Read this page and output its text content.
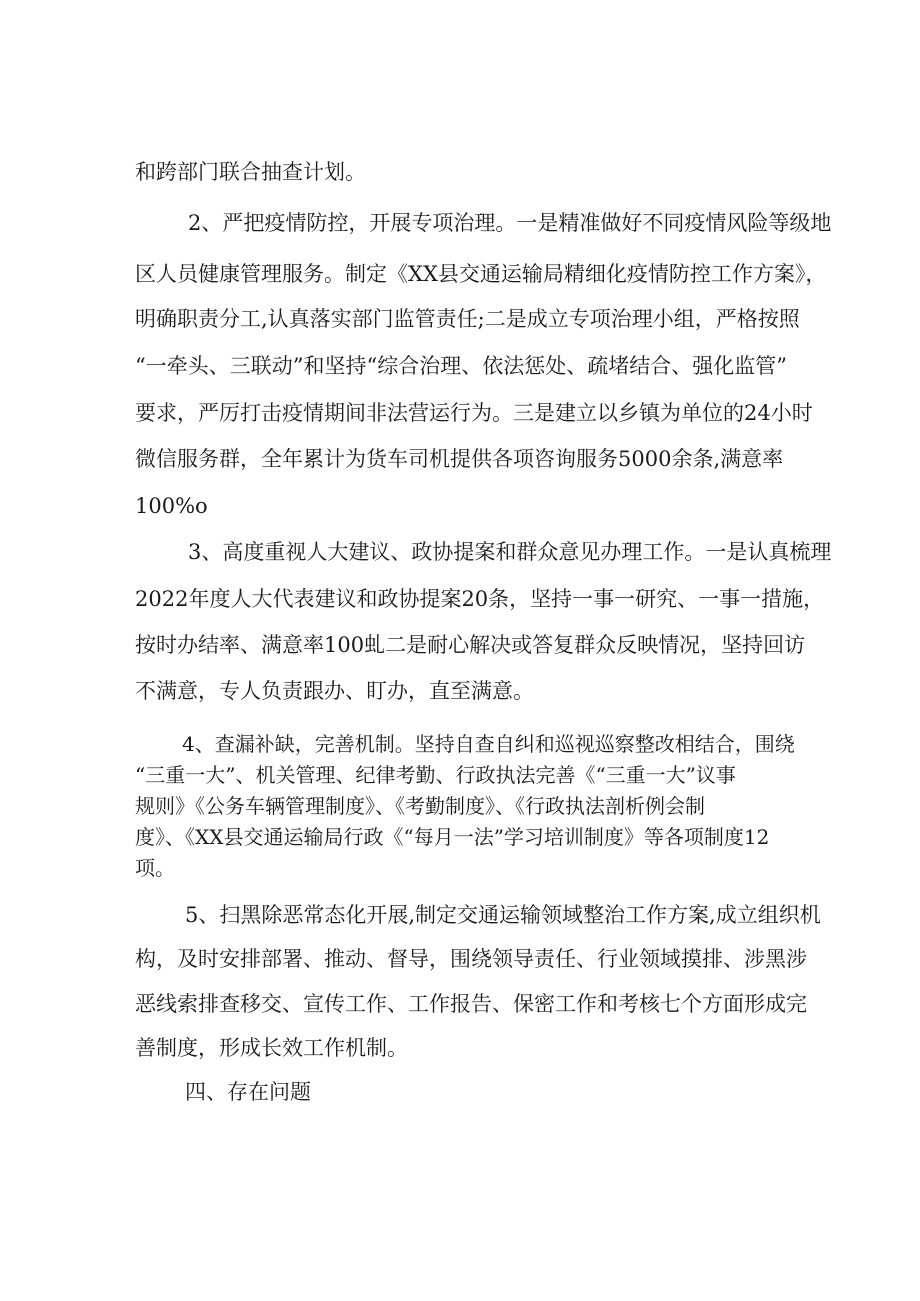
和跨部门联合抽查计划。
2、严把疫情防控，开展专项治理。一是精准做好不同疫情风险等级地
区人员健康管理服务。制定《XX县交通运输局精细化疫情防控工作方案》，
明确职责分工,认真落实部门监管责任;二是成立专项治理小组，严格按照
“一牵头、三联动”和坚持“综合治理、依法惩处、疏堵结合、强化监管”
要求，严厉打击疫情期间非法营运行为。三是建立以乡镇为单位的24小时
微信服务群，全年累计为货车司机提供各项咨询服务5000余条,满意率
100%o
3、高度重视人大建议、政协提案和群众意见办理工作。一是认真梳理
2022年度人大代表建议和政协提案20条，坚持一事一研究、一事一措施，
按时办结率、满意率100虬二是耐心解决或答复群众反映情况，坚持回访
不满意，专人负责跟办、盯办，直至满意。
4、查漏补缺，完善机制。坚持自查自纠和巡视巡察整改相结合，围绕
“三重一大”、机关管理、纪律考勤、行政执法完善《“三重一大”议事
规则》《公务车辆管理制度》、《考勤制度》、《行政执法剖析例会制
度》、《XX县交通运输局行政《“每月一法”学习培训制度》等各项制度12
项。
5、扫黑除恶常态化开展,制定交通运输领域整治工作方案,成立组织机
构，及时安排部署、推动、督导，围绕领导责任、行业领域摸排、涉黑涉
恶线索排查移交、宣传工作、工作报告、保密工作和考核七个方面形成完
善制度，形成长效工作机制。
四、存在问题
